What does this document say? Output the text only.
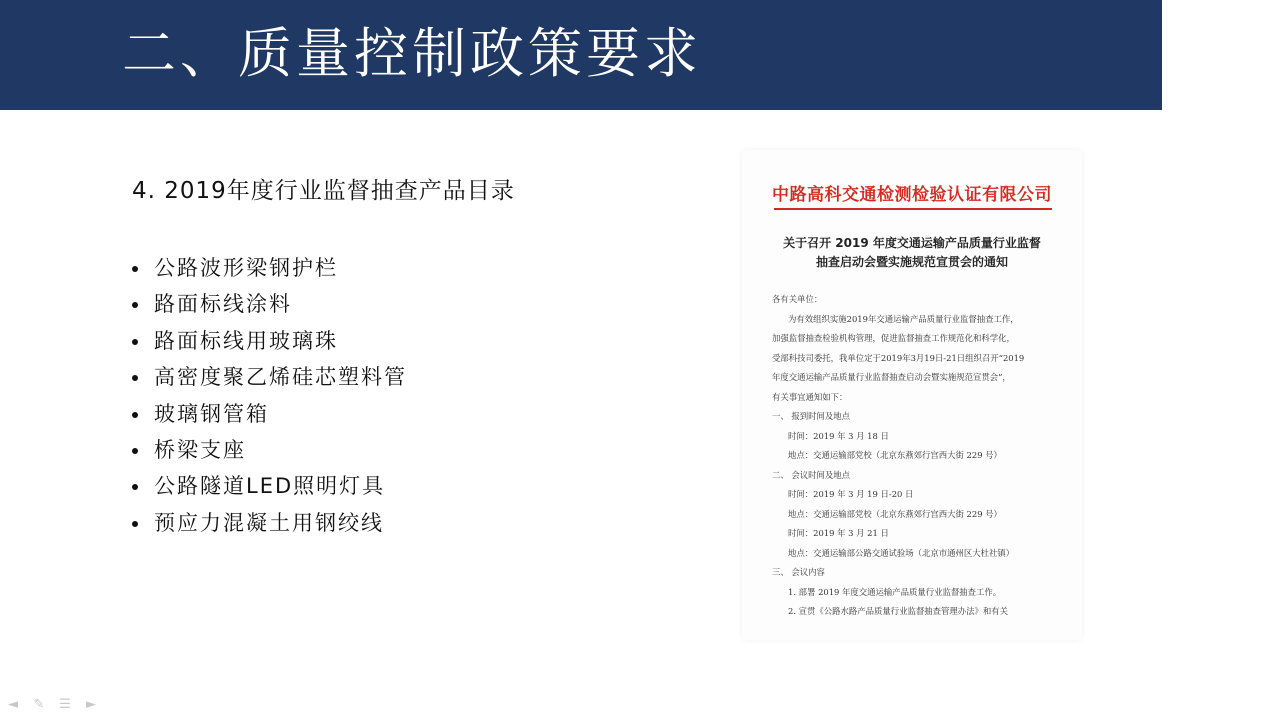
二、质量控制政策要求
4. 2019年度行业监督抽查产品目录
公路波形梁钢护栏
路面标线涂料
路面标线用玻璃珠
高密度聚乙烯硅芯塑料管
玻璃钢管箱
桥梁支座
公路隧道LED照明灯具
预应力混凝土用钢绞线
中路高科交通检测检验认证有限公司
关于召开 2019 年度交通运输产品质量行业监督
抽查启动会暨实施规范宣贯会的通知
各有关单位：
为有效组织实施2019年交通运输产品质量行业监督抽查工作，
加强监督抽查检验机构管理，促进监督抽查工作规范化和科学化，
受部科技司委托，我单位定于2019年3月19日-21日组织召开“2019
年度交通运输产品质量行业监督抽查启动会暨实施规范宣贯会”，
有关事宜通知如下：
一、 报到时间及地点
时间：2019 年 3 月 18 日
地点：交通运输部党校（北京东燕郊行宫西大街 229 号）
二、 会议时间及地点
时间：2019 年 3 月 19 日-20 日
地点：交通运输部党校（北京东燕郊行宫西大街 229 号）
时间：2019 年 3 月 21 日
地点：交通运输部公路交通试验场（北京市通州区大杜社镇）
三、 会议内容
1. 部署 2019 年度交通运输产品质量行业监督抽查工作。
2. 宣贯《公路水路产品质量行业监督抽查管理办法》和有关
◄	✎ ☰	►
